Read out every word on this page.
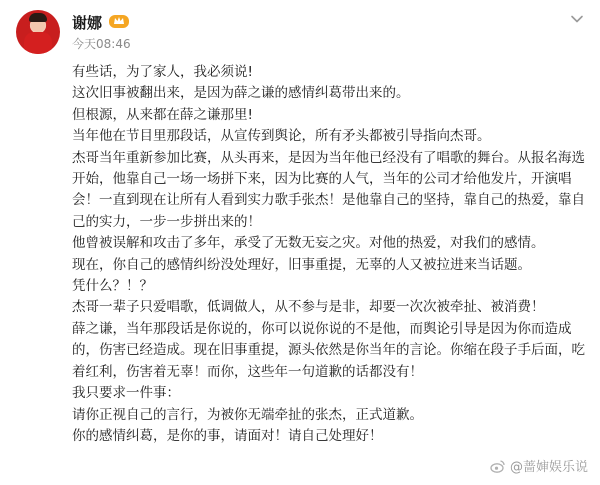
谢娜
今天08:46

有些话，为了家人，我必须说!

这次旧事被翻出来，是因为薛之谦的感情纠葛带出来的。

但根源，从来都在薛之谦那里!

当年他在节目里那段话，从宣传到舆论，所有矛头都被引导指向杰哥。

杰哥当年重新参加比赛，从头再来，是因为当年他已经没有了唱歌的舞台。从报名海选开始，他靠自己一场一场拼下来，因为比赛的人气，当年的公司才给他发片，开演唱会！一直到现在让所有人看到实力歌手张杰！是他靠自己的坚持，靠自己的热爱，靠自己的实力，一步一步拼出来的！

他曾被误解和攻击了多年，承受了无数无妄之灾。对他的热爱，对我们的感情。

现在，你自己的感情纠纷没处理好，旧事重提，无辜的人又被拉进来当话题。

凭什么？！？

杰哥一辈子只爱唱歌，低调做人，从不参与是非，却要一次次被牵扯、被消费！

薛之谦，当年那段话是你说的，你可以说你说的不是他，而舆论引导是因为你而造成的，伤害已经造成。现在旧事重提，源头依然是你当年的言论。你缩在段子手后面，吃着红利，伤害着无辜！而你，这些年一句道歉的话都没有！

我只要求一件事：

请你正视自己的言行，为被你无端牵扯的张杰，正式道歉。

你的感情纠葛，是你的事，请面对！请自己处理好！

@蔷婶娱乐说
